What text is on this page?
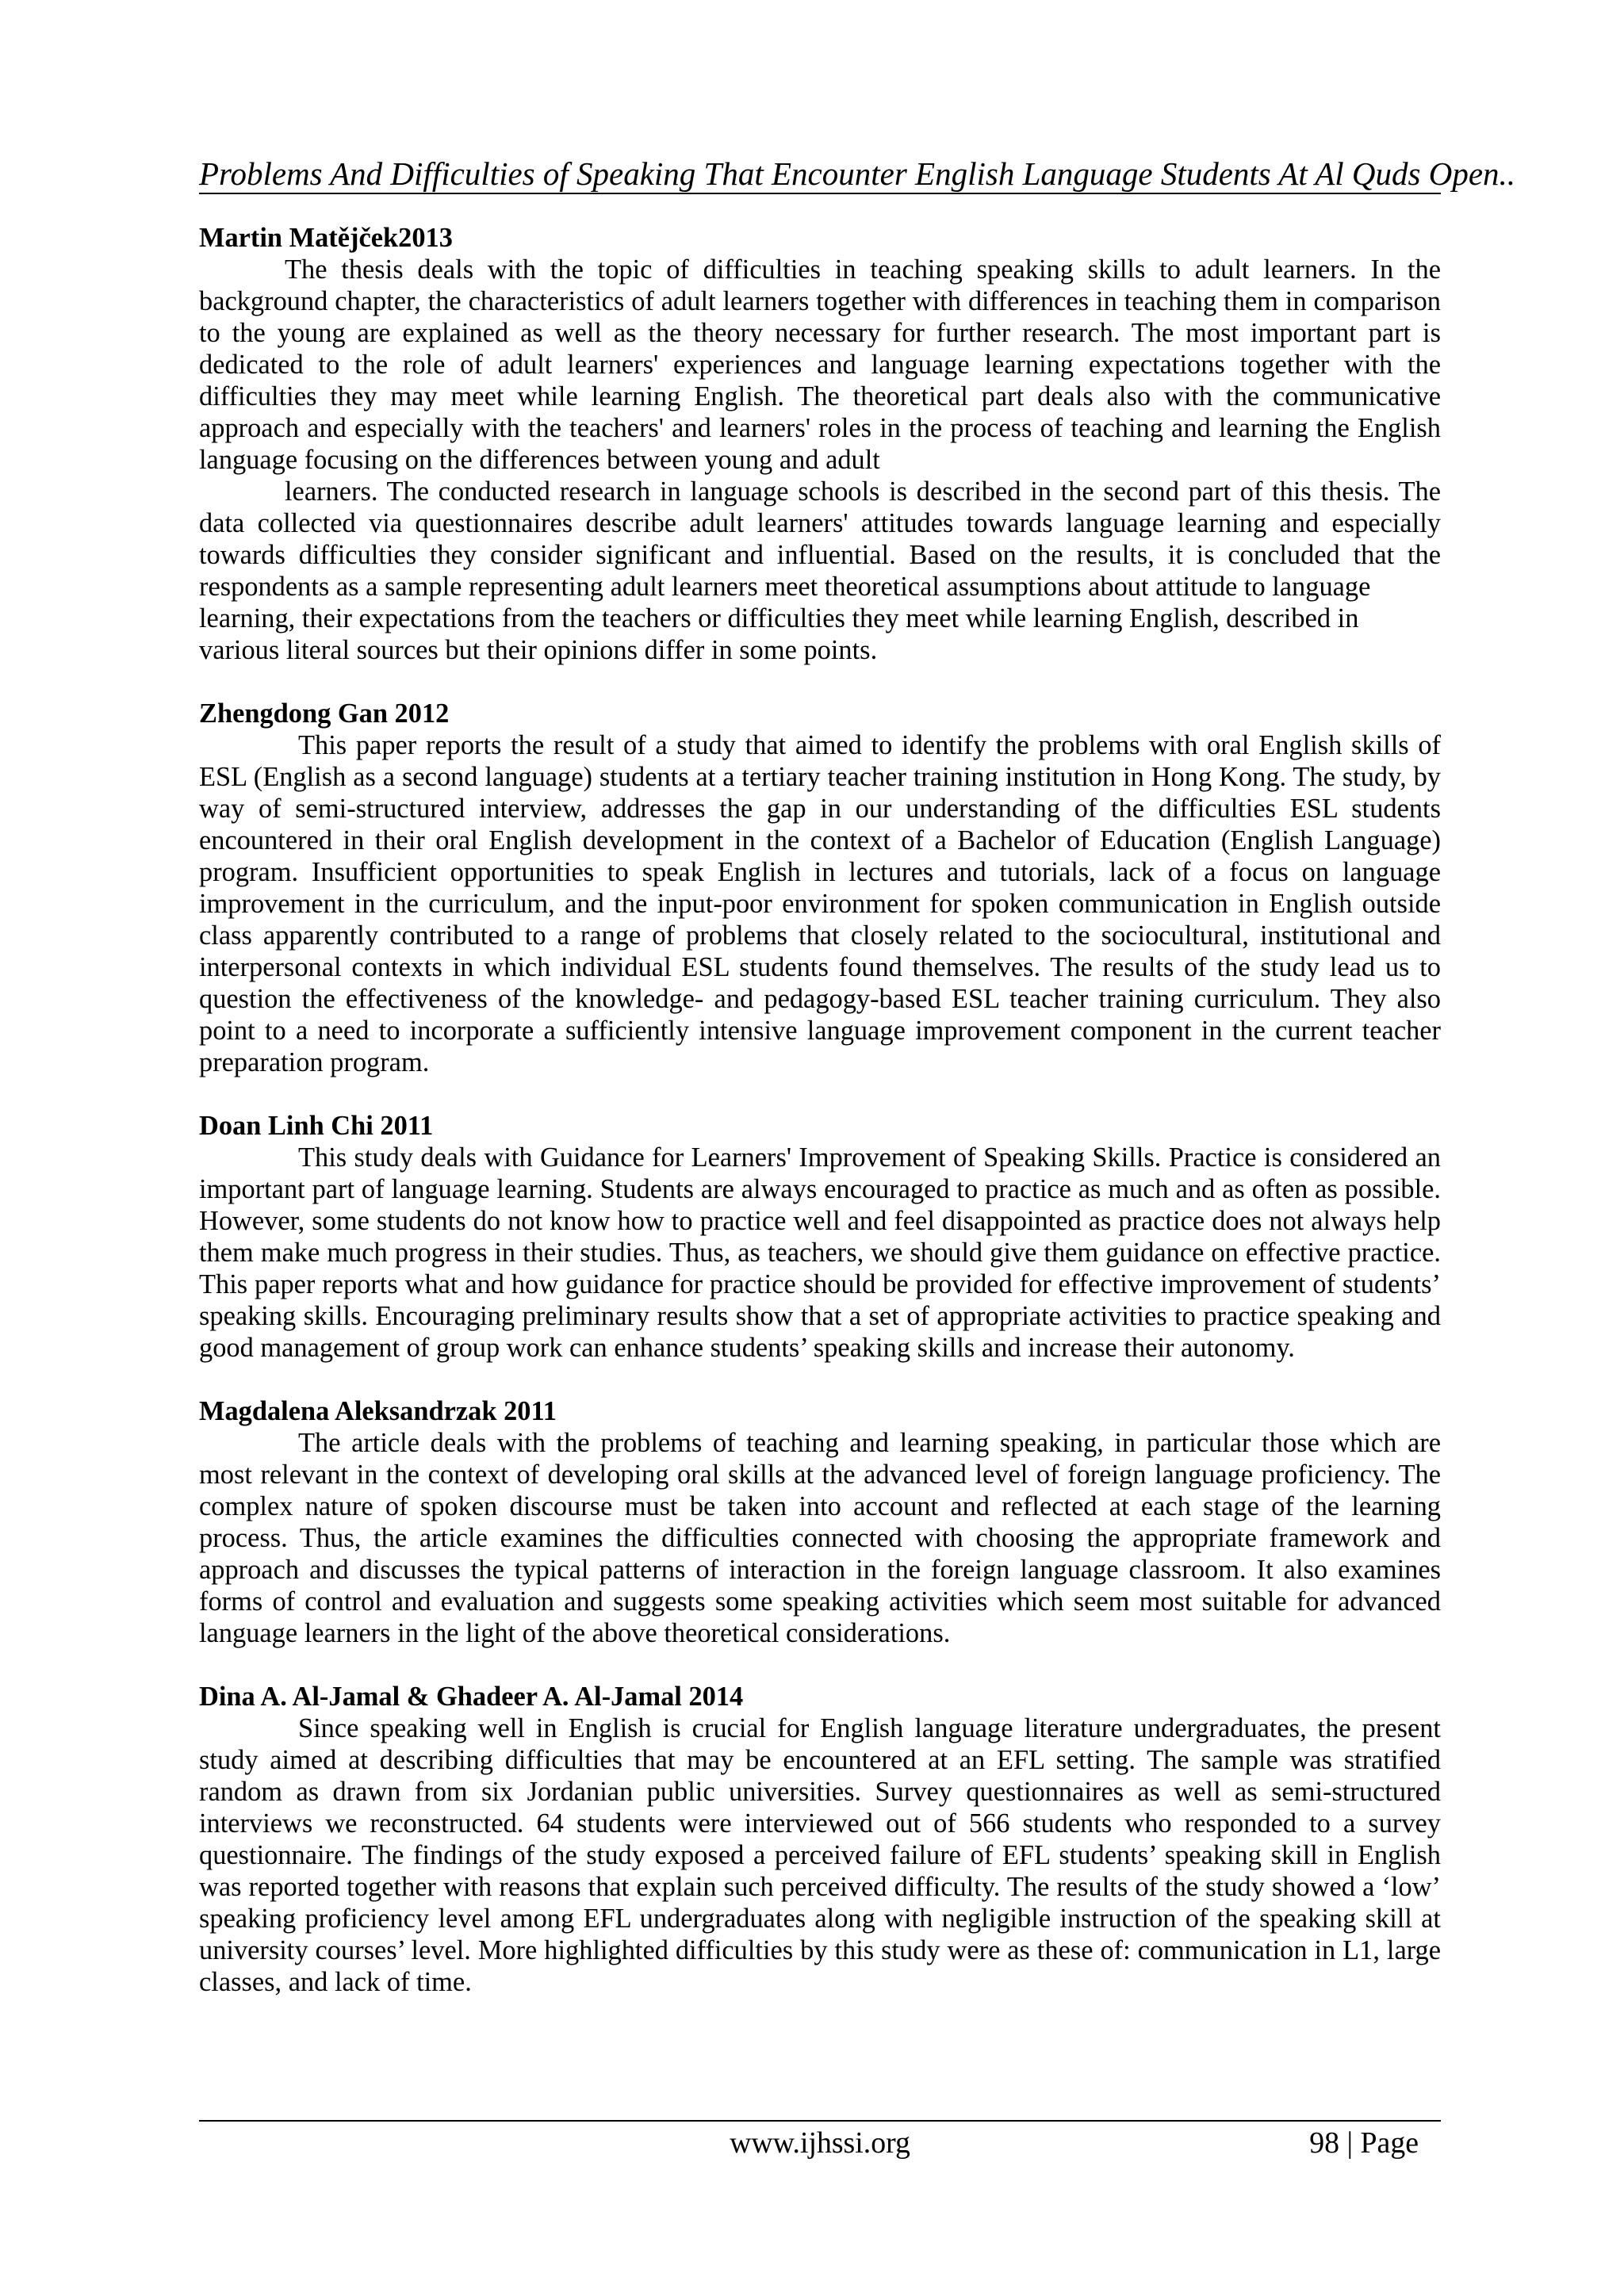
Problems And Difficulties of Speaking That Encounter English Language Students At Al Quds Open..

Martin Matějček2013

The thesis deals with the topic of difficulties in teaching speaking skills to adult learners. In the background chapter, the characteristics of adult learners together with differences in teaching them in comparison to the young are explained as well as the theory necessary for further research. The most important part is dedicated to the role of adult learners' experiences and language learning expectations together with the difficulties they may meet while learning English. The theoretical part deals also with the communicative approach and especially with the teachers' and learners' roles in the process of teaching and learning the English language focusing on the differences between young and adult

learners. The conducted research in language schools is described in the second part of this thesis. The data collected via questionnaires describe adult learners' attitudes towards language learning and especially towards difficulties they consider significant and influential. Based on the results, it is concluded that the respondents as a sample representing adult learners meet theoretical assumptions about attitude to language
learning, their expectations from the teachers or difficulties they meet while learning English, described in
various literal sources but their opinions differ in some points.

Zhengdong Gan 2012

This paper reports the result of a study that aimed to identify the problems with oral English skills of ESL (English as a second language) students at a tertiary teacher training institution in Hong Kong. The study, by way of semi-structured interview, addresses the gap in our understanding of the difficulties ESL students encountered in their oral English development in the context of a Bachelor of Education (English Language) program. Insufficient opportunities to speak English in lectures and tutorials, lack of a focus on language improvement in the curriculum, and the input-poor environment for spoken communication in English outside class apparently contributed to a range of problems that closely related to the sociocultural, institutional and interpersonal contexts in which individual ESL students found themselves. The results of the study lead us to question the effectiveness of the knowledge- and pedagogy-based ESL teacher training curriculum. They also point to a need to incorporate a sufficiently intensive language improvement component in the current teacher preparation program.

Doan Linh Chi 2011

This study deals with Guidance for Learners' Improvement of Speaking Skills. Practice is considered an important part of language learning. Students are always encouraged to practice as much and as often as possible. However, some students do not know how to practice well and feel disappointed as practice does not always help them make much progress in their studies. Thus, as teachers, we should give them guidance on effective practice. This paper reports what and how guidance for practice should be provided for effective improvement of students’ speaking skills. Encouraging preliminary results show that a set of appropriate activities to practice speaking and good management of group work can enhance students’ speaking skills and increase their autonomy.

Magdalena Aleksandrzak 2011

The article deals with the problems of teaching and learning speaking, in particular those which are most relevant in the context of developing oral skills at the advanced level of foreign language proficiency. The complex nature of spoken discourse must be taken into account and reflected at each stage of the learning process. Thus, the article examines the difficulties connected with choosing the appropriate framework and approach and discusses the typical patterns of interaction in the foreign language classroom. It also examines forms of control and evaluation and suggests some speaking activities which seem most suitable for advanced language learners in the light of the above theoretical considerations.

Dina A. Al-Jamal & Ghadeer A. Al-Jamal 2014

Since speaking well in English is crucial for English language literature undergraduates, the present study aimed at describing difficulties that may be encountered at an EFL setting. The sample was stratified random as drawn from six Jordanian public universities. Survey questionnaires as well as semi-structured interviews we reconstructed. 64 students were interviewed out of 566 students who responded to a survey questionnaire. The findings of the study exposed a perceived failure of EFL students’ speaking skill in English was reported together with reasons that explain such perceived difficulty. The results of the study showed a ‘low’ speaking proficiency level among EFL undergraduates along with negligible instruction of the speaking skill at university courses’ level. More highlighted difficulties by this study were as these of: communication in L1, large classes, and lack of time.

www.ijhssi.org	98 | Page
